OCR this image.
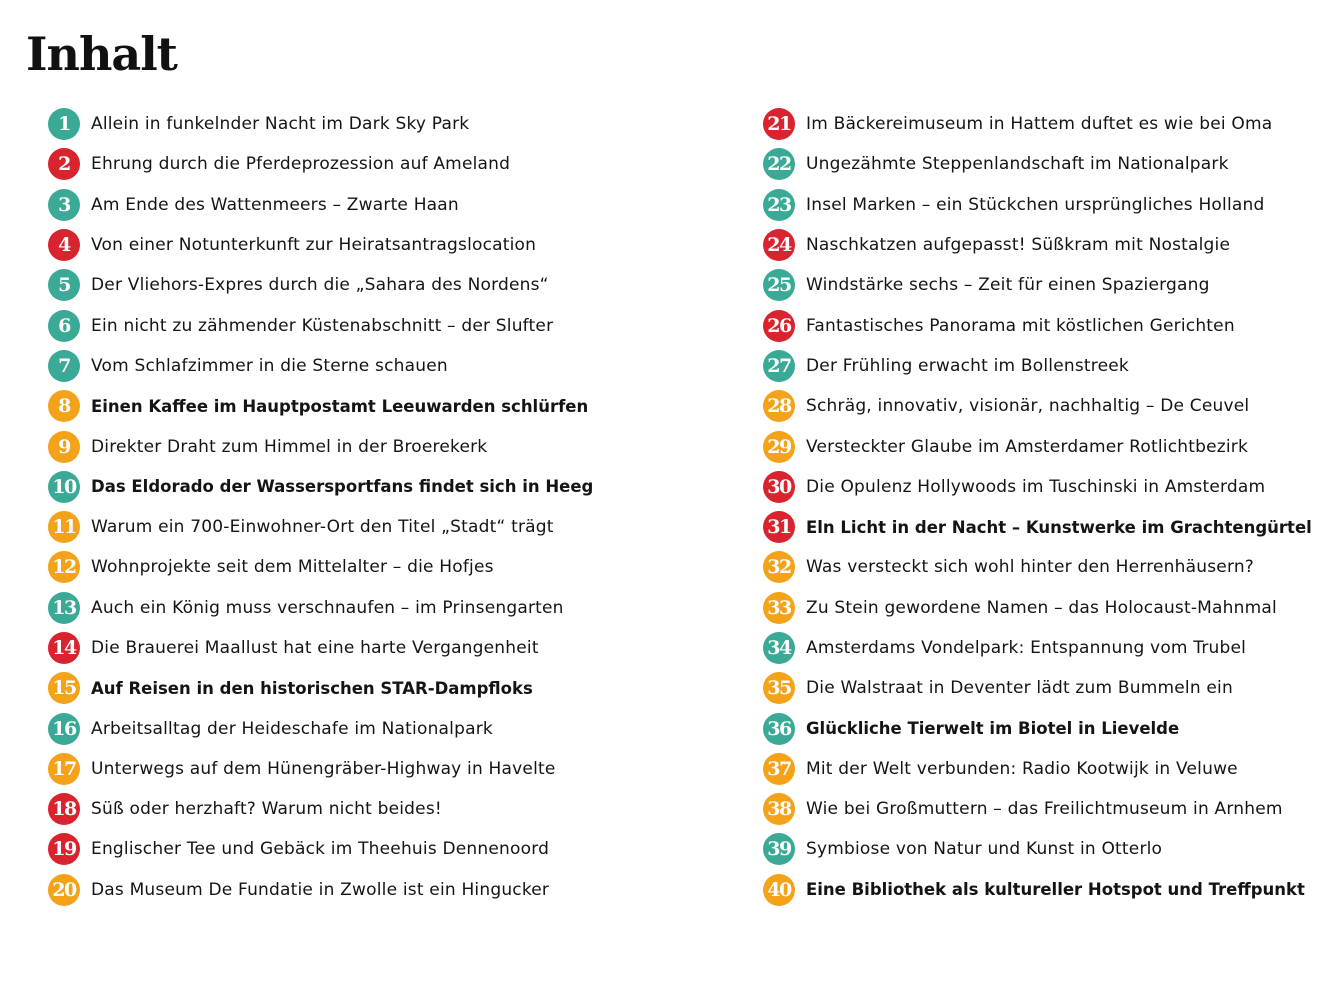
Inhalt
1	Allein in funkelnder Nacht im Dark Sky Park
2	Ehrung durch die Pferdeprozession auf Ameland
3	Am Ende des Wattenmeers – Zwarte Haan
4	Von einer Notunterkunft zur Heiratsantragslocation
5	Der Vliehors-Expres durch die „Sahara des Nordens“
6	Ein nicht zu zähmender Küstenabschnitt – der Slufter
7	Vom Schlafzimmer in die Sterne schauen
8	Einen Kaffee im Hauptpostamt Leeuwarden schlürfen
9	Direkter Draht zum Himmel in der Broerekerk
10 Das Eldorado der Wassersportfans findet sich in Heeg
11 Warum ein 700-Einwohner-Ort den Titel „Stadt“ trägt
12 Wohnprojekte seit dem Mittelalter – die Hofjes
13 Auch ein König muss verschnaufen – im Prinsengarten
14 Die Brauerei Maallust hat eine harte Vergangenheit
15 Auf Reisen in den historischen STAR-Dampfloks
16 Arbeitsalltag der Heideschafe im Nationalpark
17 Unterwegs auf dem Hünengräber-Highway in Havelte
18 Süß oder herzhaft? Warum nicht beides!
19 Englischer Tee und Gebäck im Theehuis Dennenoord
20 Das Museum De Fundatie in Zwolle ist ein Hingucker
21 Im Bäckereimuseum in Hattem duftet es wie bei Oma
22 Ungezähmte Steppenlandschaft im Nationalpark
23 Insel Marken – ein Stückchen ursprüngliches Holland
24 Naschkatzen aufgepasst! Süßkram mit Nostalgie
25 Windstärke sechs – Zeit für einen Spaziergang
26 Fantastisches Panorama mit köstlichen Gerichten
27 Der Frühling erwacht im Bollenstreek
28 Schräg, innovativ, visionär, nachhaltig – De Ceuvel
29 Versteckter Glaube im Amsterdamer Rotlichtbezirk
30 Die Opulenz Hollywoods im Tuschinski in Amsterdam
31 Eln Licht in der Nacht – Kunstwerke im Grachtengürtel
32 Was versteckt sich wohl hinter den Herrenhäusern?
33 Zu Stein gewordene Namen – das Holocaust-Mahnmal
34 Amsterdams Vondelpark: Entspannung vom Trubel
35 Die Walstraat in Deventer lädt zum Bummeln ein
36 Glückliche Tierwelt im Biotel in Lievelde
37 Mit der Welt verbunden: Radio Kootwijk in Veluwe
38 Wie bei Großmuttern – das Freilichtmuseum in Arnhem
39 Symbiose von Natur und Kunst in Otterlo
40 Eine Bibliothek als kultureller Hotspot und Treffpunkt
